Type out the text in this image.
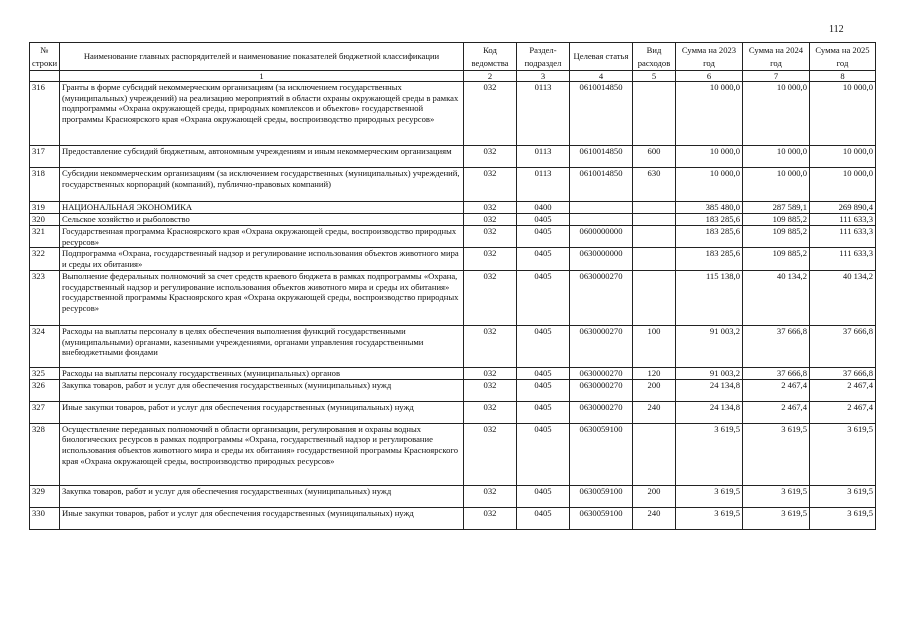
112
№ строки	Наименование главных распорядителей и наименование показателей бюджетной классификации	Код ведомства	Раздел-подраздел	Целевая статья	Вид расходов	Сумма на 2023 год	Сумма на 2024 год	Сумма на 2025 год
	1	2	3	4	5	6	7	8
316	Гранты в форме субсидий некоммерческим организациям (за исключением государственных (муниципальных) учреждений) на реализацию мероприятий в области охраны окружающей среды в рамках подпрограммы «Охрана окружающей среды, природных комплексов и объектов» государственной программы Красноярского края «Охрана окружающей среды, воспроизводство природных ресурсов»	032	0113	0610014850		10 000,0	10 000,0	10 000,0
317	Предоставление субсидий бюджетным, автономным учреждениям и иным некоммерческим организациям	032	0113	0610014850	600	10 000,0	10 000,0	10 000,0
318	Субсидии некоммерческим организациям (за исключением государственных (муниципальных) учреждений, государственных корпораций (компаний), публично-правовых компаний)	032	0113	0610014850	630	10 000,0	10 000,0	10 000,0
319	НАЦИОНАЛЬНАЯ ЭКОНОМИКА	032	0400			385 480,0	287 589,1	269 890,4
320	Сельское хозяйство и рыболовство	032	0405			183 285,6	109 885,2	111 633,3
321	Государственная программа Красноярского края «Охрана окружающей среды, воспроизводство природных ресурсов»	032	0405	0600000000		183 285,6	109 885,2	111 633,3
322	Подпрограмма «Охрана, государственный надзор и регулирование использования объектов животного мира и среды их обитания»	032	0405	0630000000		183 285,6	109 885,2	111 633,3
323	Выполнение федеральных полномочий за счет средств краевого бюджета в рамках подпрограммы «Охрана, государственный надзор и регулирование использования объектов животного мира и среды их обитания» государственной программы Красноярского края «Охрана окружающей среды, воспроизводство природных ресурсов»	032	0405	0630000270		115 138,0	40 134,2	40 134,2
324	Расходы на выплаты персоналу в целях обеспечения выполнения функций государственными (муниципальными) органами, казенными учреждениями, органами управления государственными внебюджетными фондами	032	0405	0630000270	100	91 003,2	37 666,8	37 666,8
325	Расходы на выплаты персоналу государственных (муниципальных) органов	032	0405	0630000270	120	91 003,2	37 666,8	37 666,8
326	Закупка товаров, работ и услуг для обеспечения государственных (муниципальных) нужд	032	0405	0630000270	200	24 134,8	2 467,4	2 467,4
327	Иные закупки товаров, работ и услуг для обеспечения государственных (муниципальных) нужд	032	0405	0630000270	240	24 134,8	2 467,4	2 467,4
328	Осуществление переданных полномочий в области организации, регулирования и охраны водных биологических ресурсов в рамках подпрограммы «Охрана, государственный надзор и регулирование использования объектов животного мира и среды их обитания» государственной программы Красноярского края «Охрана окружающей среды, воспроизводство природных ресурсов»	032	0405	0630059100		3 619,5	3 619,5	3 619,5
329	Закупка товаров, работ и услуг для обеспечения государственных (муниципальных) нужд	032	0405	0630059100	200	3 619,5	3 619,5	3 619,5
330	Иные закупки товаров, работ и услуг для обеспечения государственных (муниципальных) нужд	032	0405	0630059100	240	3 619,5	3 619,5	3 619,5
